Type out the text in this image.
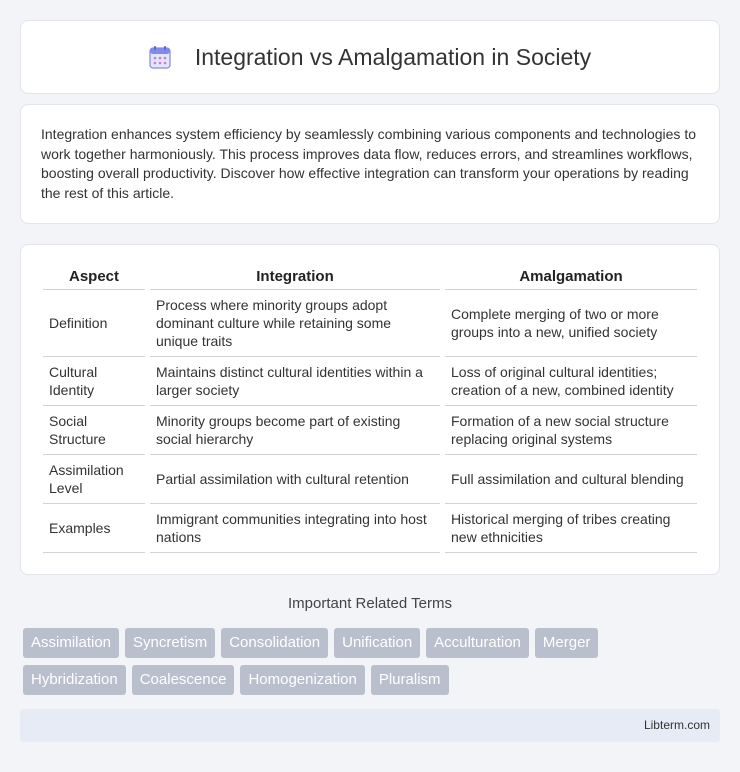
Integration vs Amalgamation in Society

Integration enhances system efficiency by seamlessly combining various components and technologies to work together harmoniously. This process improves data flow, reduces errors, and streamlines workflows, boosting overall productivity. Discover how effective integration can transform your operations by reading the rest of this article.

Aspect	Integration	Amalgamation
Definition	Process where minority groups adopt dominant culture while retaining some unique traits	Complete merging of two or more groups into a new, unified society
Cultural Identity	Maintains distinct cultural identities within a larger society	Loss of original cultural identities; creation of a new, combined identity
Social Structure	Minority groups become part of existing social hierarchy	Formation of a new social structure replacing original systems
Assimilation Level	Partial assimilation with cultural retention	Full assimilation and cultural blending
Examples	Immigrant communities integrating into host nations	Historical merging of tribes creating new ethnicities
Important Related Terms
Assimilation	Syncretism	Consolidation	Unification	Acculturation	Merger
Hybridization	Coalescence	Homogenization	Pluralism
Libterm.com
